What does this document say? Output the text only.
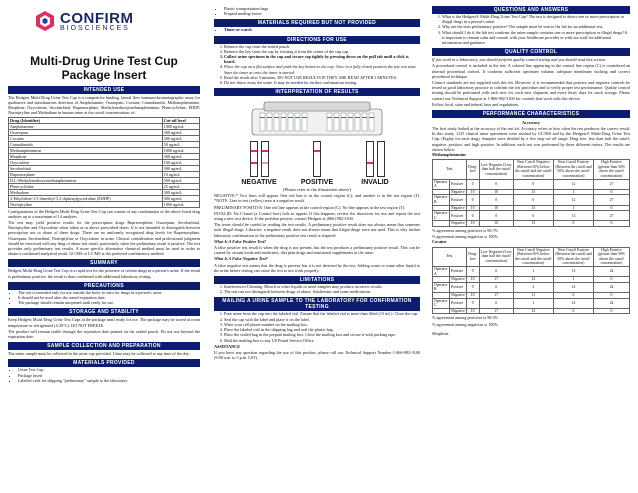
CONFIRM
BIOSCIENCES
Multi-Drug Urine Test Cup
Package Insert
INTENDED USE

The Hedgest Multi-Drug Urine Test Cup is a competitive binding, lateral flow immunochromatographic assay for qualitative and simultaneous detection of Amphetamine, Oxazepam, Cocaine, Cannabinoids, Methamphetamine, Morphine, Oxycodone, Secobarbital, Buprenorphine, Methylenedioxymethamphetamine, Phencyclidine, EDDP, Nortriptyline and Methadone in human urine at the cutoff concentrations of:

Drug (Identifier)	Cut-off level
Amphetamine	1000 ng/mL
Oxazepam	300 ng/mL
Cocaine	300 ng/mL
Cannabinoids	50 ng/mL
Methamphetamine	1000 ng/mL
Morphine	300 ng/mL
Oxycodone	100 ng/mL
Secobarbital	300 ng/mL
Buprenorphine	10 ng/mL
D,L-Methylenedioxymethamphetamine	500 ng/mL
Phencyclidine	25 ng/mL
Methadone	300 ng/mL
2-Ethylidene-1,5-dimethyl-3,3-diphenylpyrrolidine (EDDP)	300 ng/mL
Nortriptyline	1000 ng/mL

Configurations of the Hedgest Multi-Drug Urine Test Cup can consist of any combination of the above listed drug analytes up to a maximum of 14 analytes.

The test may yield positive results for the prescription drugs Buprenorphine, Oxazepam, Secobarbital, Nortriptyline and Oxycodone when taken at or above prescribed doses. It is not intended to distinguish between prescription use or abuse of these drugs. There are no uniformly recognized drug levels for Buprenorphine, Oxazepam, Secobarbital, Nortriptyline or Oxycodone in urine. Clinical consideration and professional judgment should be exercised with any drug of abuse test result, particularly when the preliminary result is positive. The test provides only preliminary test results. A more specific alternative chemical method must be used in order to obtain a confirmed analytical result. GC/MS or LC/MS is the preferred confirmatory method.

SUMMARY

Hedgest Multi-Drug Urine Test Cup is a rapid test for the presence of certain drugs in a person's urine. If the result is preliminary positive, the result is then confirmed with additional laboratory testing.

PRECAUTIONS
• The test is intended only for use outside the body in vitro for drugs in a person's urine.
• It should not be used after the stated expiration date.
• The package should remain unopened until ready for use.
STORAGE AND STABILITY

Keep Hedgest Multi-Drug Urine Test Cups in the package until ready for use. The package may be stored at room temperature or refrigerated (4-30°C). DO NOT FREEZE.

The product will remain stable through the expiration date printed on the sealed pouch. Do not use beyond the expiration date.

SAMPLE COLLECTION AND PREPARATION

The urine sample must be collected in the urine cup provided. Urine may be collected at any time of the day.

MATERIALS PROVIDED
• Urine Test Cup
• Package insert
• Labeled vials for shipping "preliminary" sample to the laboratory
• Plastic transportation bags
• Prepaid mailing boxes
MATERIALS REQUIRED BUT NOT PROVIDED
• Timer or watch
DIRECTIONS FOR USE
1. Remove the cup from the sealed pouch.
2. Remove the key from the cup by twisting it from the center of the cup cap.
3. Collect urine specimen in the cup and secure cap tightly by pressing down on the pull tab until a click is heard.
4. Place the cup on a flat surface and push the key button to the cup. Once in a fully closed position the test can start. Start the timer at once the timer is started.
5. Read the result after 5 minutes. DO NOT USE RESULTS IF THEY ARE READ AFTER 5 MINUTES.
6. Do not throw away the urine. It may be needed for further confirmation testing.
INTERPRETATION OF RESULTS
NEGATIVE	POSITIVE	INVALID
(Please refer to the illustration above)

NEGATIVE:* Two lines will appear. One red line is in the control region (C), and another is in the test region (T). *NOTE: Line in test (yellow) area is a negative result.

PRELIMINARY POSITIVE: One red line appears in the control region (C). No line appears in the test region (T).

INVALID: No C-band (a Control line) fails to appear. If this happens, review the directions for use and repeat the test using a new test device. If the problem persists, contact Hedgest at (866) 982-3100.

The tester should be careful in reading the test results. A preliminary positive result does not always mean that someone took illegal drugs. Likewise, a negative result does not always mean that illegal drugs were not used. This is why further laboratory confirmation of the preliminary positive test result is required.

What Is A False Positive Test?

A false positive test result is when the drug is not present, but the test produces a preliminary positive result. This can be caused by certain foods and medicines, diet plan drugs and nutritional supplements in the urine.

What Is A False Negative Test?

A false negative test means that the drug is present, but it is not detected by the test. Adding water or some other liquid to the urine before testing can cause the test to not work properly.

LIMITATIONS
1. Interferences/Cheating. Bleach or other liquids to urine samples may produce incorrect results.
2. The test can not distinguish between drugs of abuse, Adulterants and some medications.
MAILING A URINE SAMPLE TO THE LABORATORY FOR CONFIRMATION TESTING
1. Pour urine from the cup into the labeled vial. Ensure that the labeled vial is more than filled (15 mL). Close the cap.
2. Seal the cap with the label and place it on the label.
3. Write your cell phone number on the mailing box.
4. Place the labeled vial in the shipping bag and seal the plastic bag.
5. Place the sealed bag in the prepaid mailing box. Close the mailing box and secure it with packing tape.
6. Mail the mailing box to any US Postal Service Office.

ASSISTANCE

If you have any question regarding the use of this product, please call our Technical Support Number 1-866-982-3100 (9:00 a.m. to 5 p.m. CST).

QUESTIONS AND ANSWERS
1. What is the Hedgest® Multi-Drug Urine Test Cup? The test is designed to detect one or more prescription or illegal drugs in a person's urine.
2. Why are the tests preliminary positive? The sample must be sent to the lab for an additional test.
3. What should I do if the lab test confirms the urine sample contains one or more prescription or illegal drugs? It is important to remain calm and consult with your healthcare provider or with our staff for additional information and guidance.
QUALITY CONTROL

If you work in a laboratory, you should perform quality control testing and you should read this section.

A procedural control is included in the test. A colored line appearing in the control line region (C) is considered an internal procedural control. It confirms sufficient specimen volume, adequate membrane wicking and correct procedural technique.

Control standards are not supplied with this kit. However, it is recommended that positive and negative controls be tested as good laboratory practice to confirm the test procedure and to verify proper test performance. Quality control testing should be performed with each new lot, each new shipment and every thirty days for stock storage. Please contact our Technical Support at 1-866-982-3100 for controls that work with this device.

Follow local, state and federal laws and regulations.

PERFORMANCE CHARACTERISTICS
Accuracy

The first study looked at the accuracy of the test kit. Accuracy refers to how often the test produces the correct result. In this study, 1125 clinical urine specimens were studied by GC/MS and by the Hedgest® Multi-Drug Urine Test Cup. (Eighty for each drug). Samples were divided by a five step cut-off range: Drug free, less than half the cutoff, negative, positive, and high positive. In addition, each test was performed by three different testers. The results are shown below:

Methamphetamine
Test		Drug-free	Low Negative (Less than half the cutoff concentration)	Near Cutoff Negative (Between 50% below the cutoff and the cutoff concentration)	Near Cutoff Positive (Between the cutoff and 50% above the cutoff concentration)	High Positive (greater than 50% above the cutoff concentration)
Operator A	Positive	0	0	0	12	27
	Negative	10	10	13	1	0
Operator B	Positive	0	0	0	12	27
	Negative	10	10	13	1	0
Operator C	Positive	0	0	0	13	27
	Negative	10	10	13	0	0

% agreement among positives is 96.7%

% agreement among negatives is 100%

Cocaine
Test		Drug-free	Low Negative (Less than half the cutoff concentration)	Near Cutoff Negative (Between 50% below the cutoff and the cutoff concentration)	Near Cutoff Positive (Between the cutoff and 50% above the cutoff concentration)	High Positive (greater than 50% above the cutoff concentration)
Operator A	Positive	0	0	1	13	24
	Negative	10	17	12	1	0
Operator B	Positive	0	0	2	14	24
	Negative	10	17	11	0	0
Operator C	Positive	0	0	1	14	24
	Negative	10	17	12	0	0

% agreement among positives is 98.3%

% agreement among negatives is 100%

Morphine
